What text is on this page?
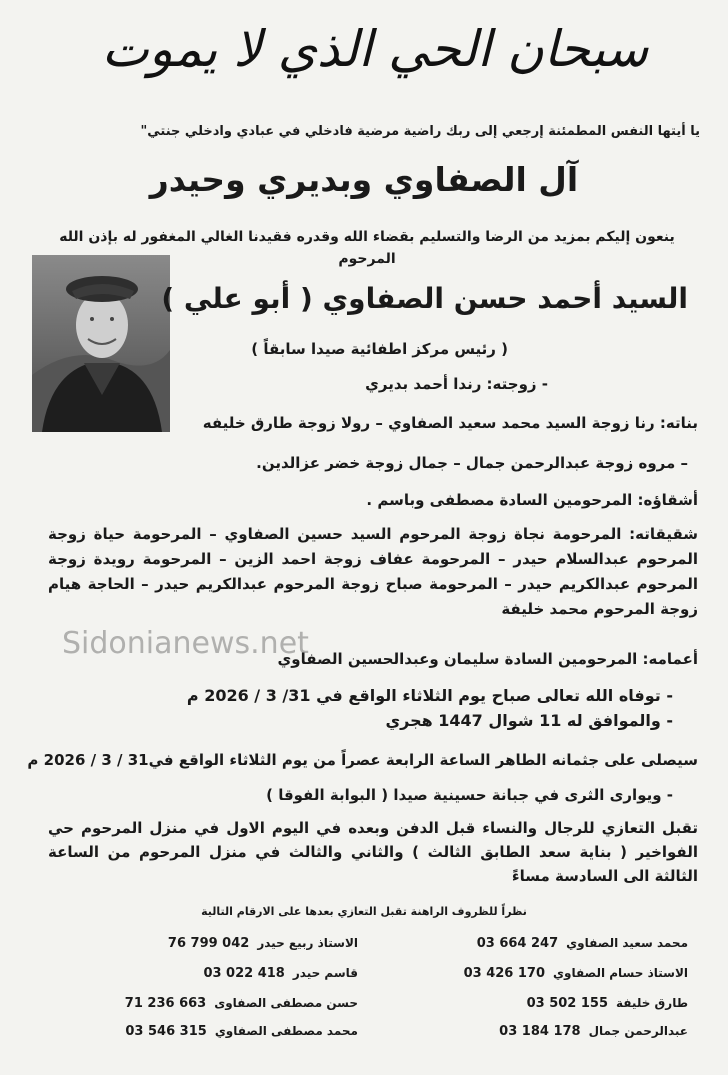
سبحان الحي الذي لا يموت
يا أيتها النفس المطمئنة إرجعي إلى ربك راضية مرضية فادخلي في عبادي وادخلي جنتي"
آل الصفاوي وبديري وحيدر
ينعون إليكم بمزيد من الرضا والتسليم بقضاء الله وقدره فقيدنا الغالي المغفور له بإذن الله المرحوم
السيد أحمد حسن الصفاوي ( أبو علي )
( رئيس مركز اطفائية صيدا سابقاً )
- زوجته: رندا أحمد بديري
بناته: رنا زوجة السيد محمد سعيد الصفاوي – رولا زوجة طارق خليفه
– مروه زوجة عبدالرحمن جمال – جمال زوجة خضر عزالدين.
أشقاؤه: المرحومين السادة مصطفى وباسم .
شقيقاته: المرحومة نجاة زوجة المرحوم السيد حسين الصفاوي – المرحومة حياة زوجة المرحوم عبدالسلام حيدر – المرحومة عفاف زوجة احمد الزين – المرحومة رويدة زوجة المرحوم عبدالكريم حيدر – المرحومة صباح زوجة المرحوم عبدالكريم حيدر – الحاجة هيام زوجة المرحوم محمد خليفة
Sidonianews.net
أعمامه: المرحومين السادة سليمان وعبدالحسين الصفاوي
- توفاه الله تعالى صباح يوم الثلاثاء الواقع في 31/ 3 / 2026 م
- والموافق له 11 شوال 1447 هجري
سيصلى على جثمانه الطاهر الساعة الرابعة عصراً من يوم الثلاثاء الواقع في31 / 3 / 2026 م
- ويوارى الثرى في جبانة حسينية صيدا ( البوابة الفوقا )
تقبل التعازي للرجال والنساء قبل الدفن وبعده في اليوم الاول في منزل المرحوم حي الفواخير ( بناية سعد الطابق الثالث ) والثاني والثالث في منزل المرحوم من الساعة الثالثة الى السادسة مساءً
نظراً للظروف الراهنة تقبل التعازي بعدها على الارقام التالية
محمد سعيد الصفاوي
03 664 247
الاستاذ حسام الصفاوي
03 426 170
طارق خليفة
03 502 155
عبدالرحمن جمال
03 184 178
الاستاذ ربيع حيدر
76 799 042
قاسم حيدر
03 022 418
حسن مصطفى الصفاوى
71 236 663
محمد مصطفى الصفاوي
03 546 315
